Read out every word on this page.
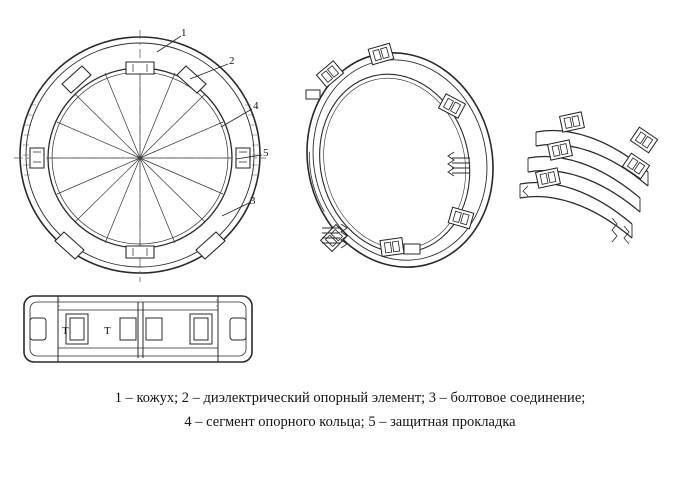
T	T
1
2
3
4
5
1 – кожух; 2 – диэлектрический опорный элемент; 3 – болтовое соединение;
4 – сегмент опорного кольца; 5 – защитная прокладка
